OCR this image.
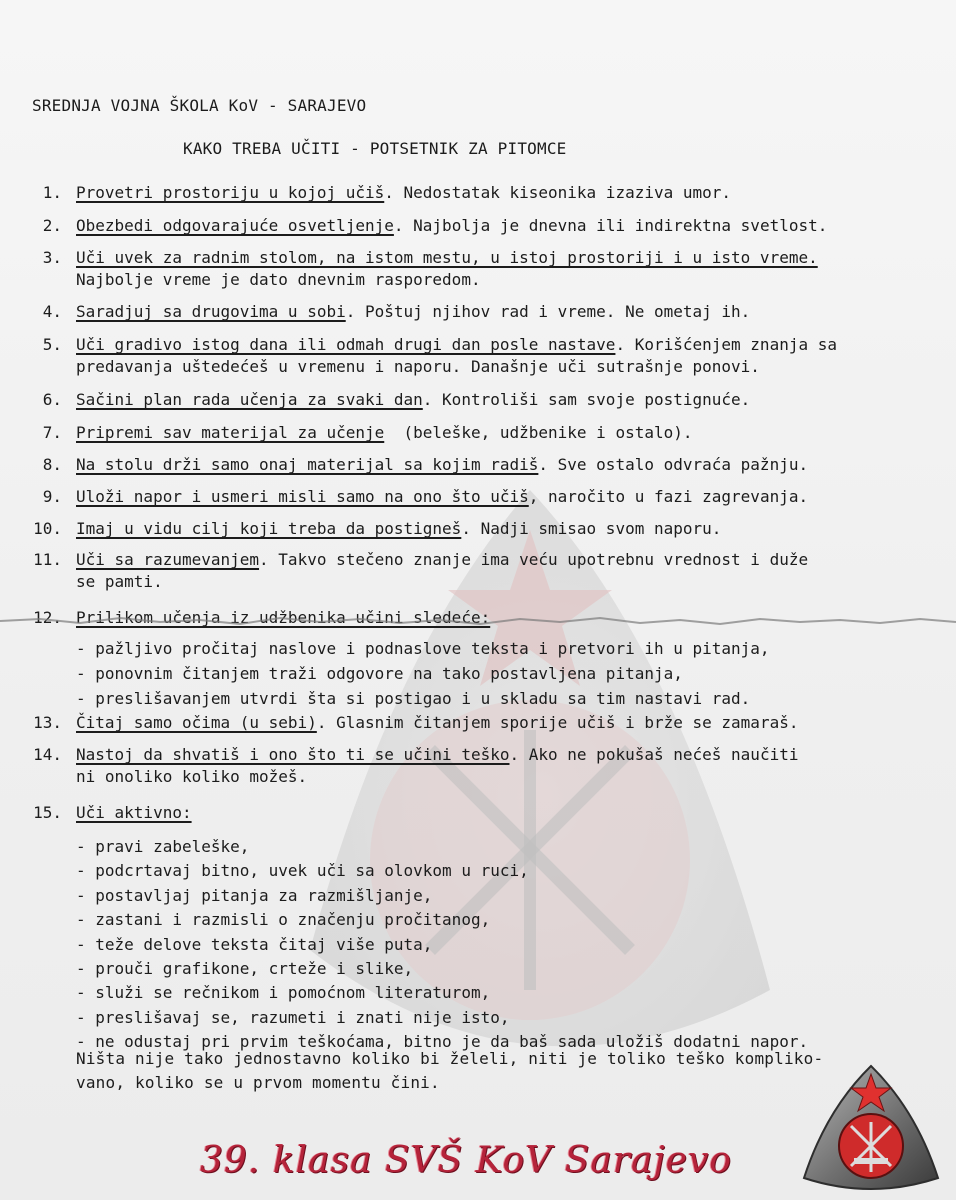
SREDNJA VOJNA ŠKOLA KoV - SARAJEVO
KAKO TREBA UČITI - POTSETNIK ZA PITOMCE
1. Provetri prostoriju u kojoj učiš. Nedostatak kiseonika izaziva umor.
2. Obezbedi odgovarajuće osvetljenje. Najbolja je dnevna ili indirektna svetlost.
3. Uči uvek za radnim stolom, na istom mestu, u istoj prostoriji i u isto vreme.
Najbolje vreme je dato dnevnim rasporedom.
4. Saradjuj sa drugovima u sobi. Poštuj njihov rad i vreme. Ne ometaj ih.
5. Uči gradivo istog dana ili odmah drugi dan posle nastave. Korišćenjem znanja sa
predavanja uštedećeš u vremenu i naporu. Današnje uči sutrašnje ponovi.
6. Sačini plan rada učenja za svaki dan. Kontroliši sam svoje postignuće.
7. Pripremi sav materijal za učenje  (beleške, udžbenike i ostalo).
8. Na stolu drži samo onaj materijal sa kojim radiš. Sve ostalo odvraća pažnju.
9. Uloži napor i usmeri misli samo na ono što učiš, naročito u fazi zagrevanja.
10. Imaj u vidu cilj koji treba da postigneš. Nadji smisao svom naporu.
11. Uči sa razumevanjem. Takvo stečeno znanje ima veću upotrebnu vrednost i duže
se pamti.
12. Prilikom učenja iz udžbenika učini sledeće:
- pažljivo pročitaj naslove i podnaslove teksta i pretvori ih u pitanja,
- ponovnim čitanjem traži odgovore na tako postavljena pitanja,
- preslišavanjem utvrdi šta si postigao i u skladu sa tim nastavi rad.
13. Čitaj samo očima (u sebi). Glasnim čitanjem sporije učiš i brže se zamaraš.
14. Nastoj da shvatiš i ono što ti se učini teško. Ako ne pokušaš nećeš naučiti
ni onoliko koliko možeš.
15. Uči aktivno:
- pravi zabeleške,
- podcrtavaj bitno, uvek uči sa olovkom u ruci,
- postavljaj pitanja za razmišljanje,
- zastani i razmisli o značenju pročitanog,
- teže delove teksta čitaj više puta,
- prouči grafikone, crteže i slike,
- služi se rečnikom i pomoćnom literaturom,
- preslišavaj se, razumeti i znati nije isto,
- ne odustaj pri prvim teškoćama, bitno je da baš sada uložiš dodatni napor.
Ništa nije tako jednostavno koliko bi želeli, niti je toliko teško kompliko-
vano, koliko se u prvom momentu čini.
39. klasa SVŠ KoV Sarajevo
